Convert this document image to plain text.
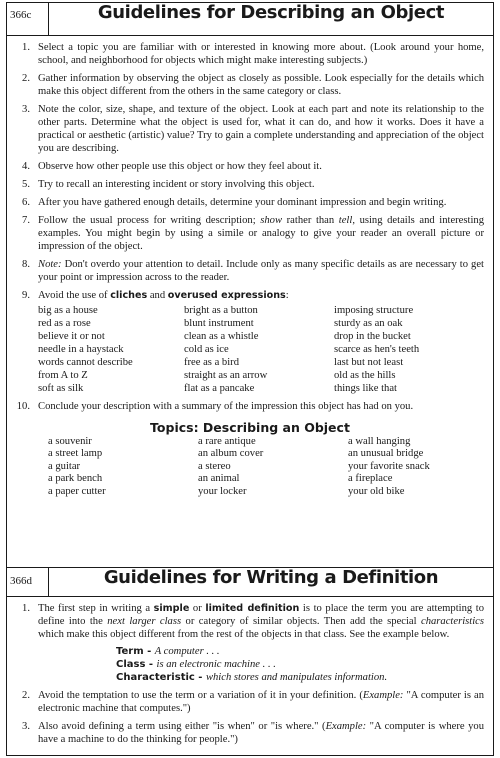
366c	Guidelines for Describing an Object
1. Select a topic you are familiar with or interested in knowing more about. (Look around your home, school, and neighborhood for objects which might make interesting subjects.)
2. Gather information by observing the object as closely as possible. Look especially for the details which make this object different from the others in the same category or class.
3. Note the color, size, shape, and texture of the object. Look at each part and note its relationship to the other parts. Determine what the object is used for, what it can do, and how it works. Does it have a practical or aesthetic (artistic) value? Try to gain a complete understanding and appreciation of the object you are describing.
4. Observe how other people use this object or how they feel about it.
5. Try to recall an interesting incident or story involving this object.
6. After you have gathered enough details, determine your dominant impression and begin writing.
7. Follow the usual process for writing description; show rather than tell, using details and interesting examples. You might begin by using a simile or analogy to give your reader an overall picture or impression of the object.
8. Note: Don't overdo your attention to detail. Include only as many specific details as are necessary to get your point or impression across to the reader.
9. Avoid the use of cliches and overused expressions:
big as a house	bright as a button	imposing structure
red as a rose	blunt instrument	sturdy as an oak
believe it or not	clean as a whistle	drop in the bucket
needle in a haystack	cold as ice	scarce as hen's teeth
words cannot describe	free as a bird	last but not least
from A to Z	straight as an arrow	old as the hills
soft as silk	flat as a pancake	things like that
10. Conclude your description with a summary of the impression this object has had on you.
Topics: Describing an Object
a souvenir	a rare antique	a wall hanging
a street lamp	an album cover	an unusual bridge
a guitar	a stereo	your favorite snack
a park bench	an animal	a fireplace
a paper cutter	your locker	your old bike
366d	Guidelines for Writing a Definition
1. The first step in writing a simple or limited definition is to place the term you are attempting to define into the next larger class or category of similar objects. Then add the special characteristics which make this object different from the rest of the objects in that class. See the example below.
Term - A computer . . .
Class - is an electronic machine . . .
Characteristic - which stores and manipulates information.
2. Avoid the temptation to use the term or a variation of it in your definition. (Example: "A computer is an electronic machine that computes.")
3. Also avoid defining a term using either "is when" or "is where." (Example: "A computer is where you have a machine to do the thinking for people.")
